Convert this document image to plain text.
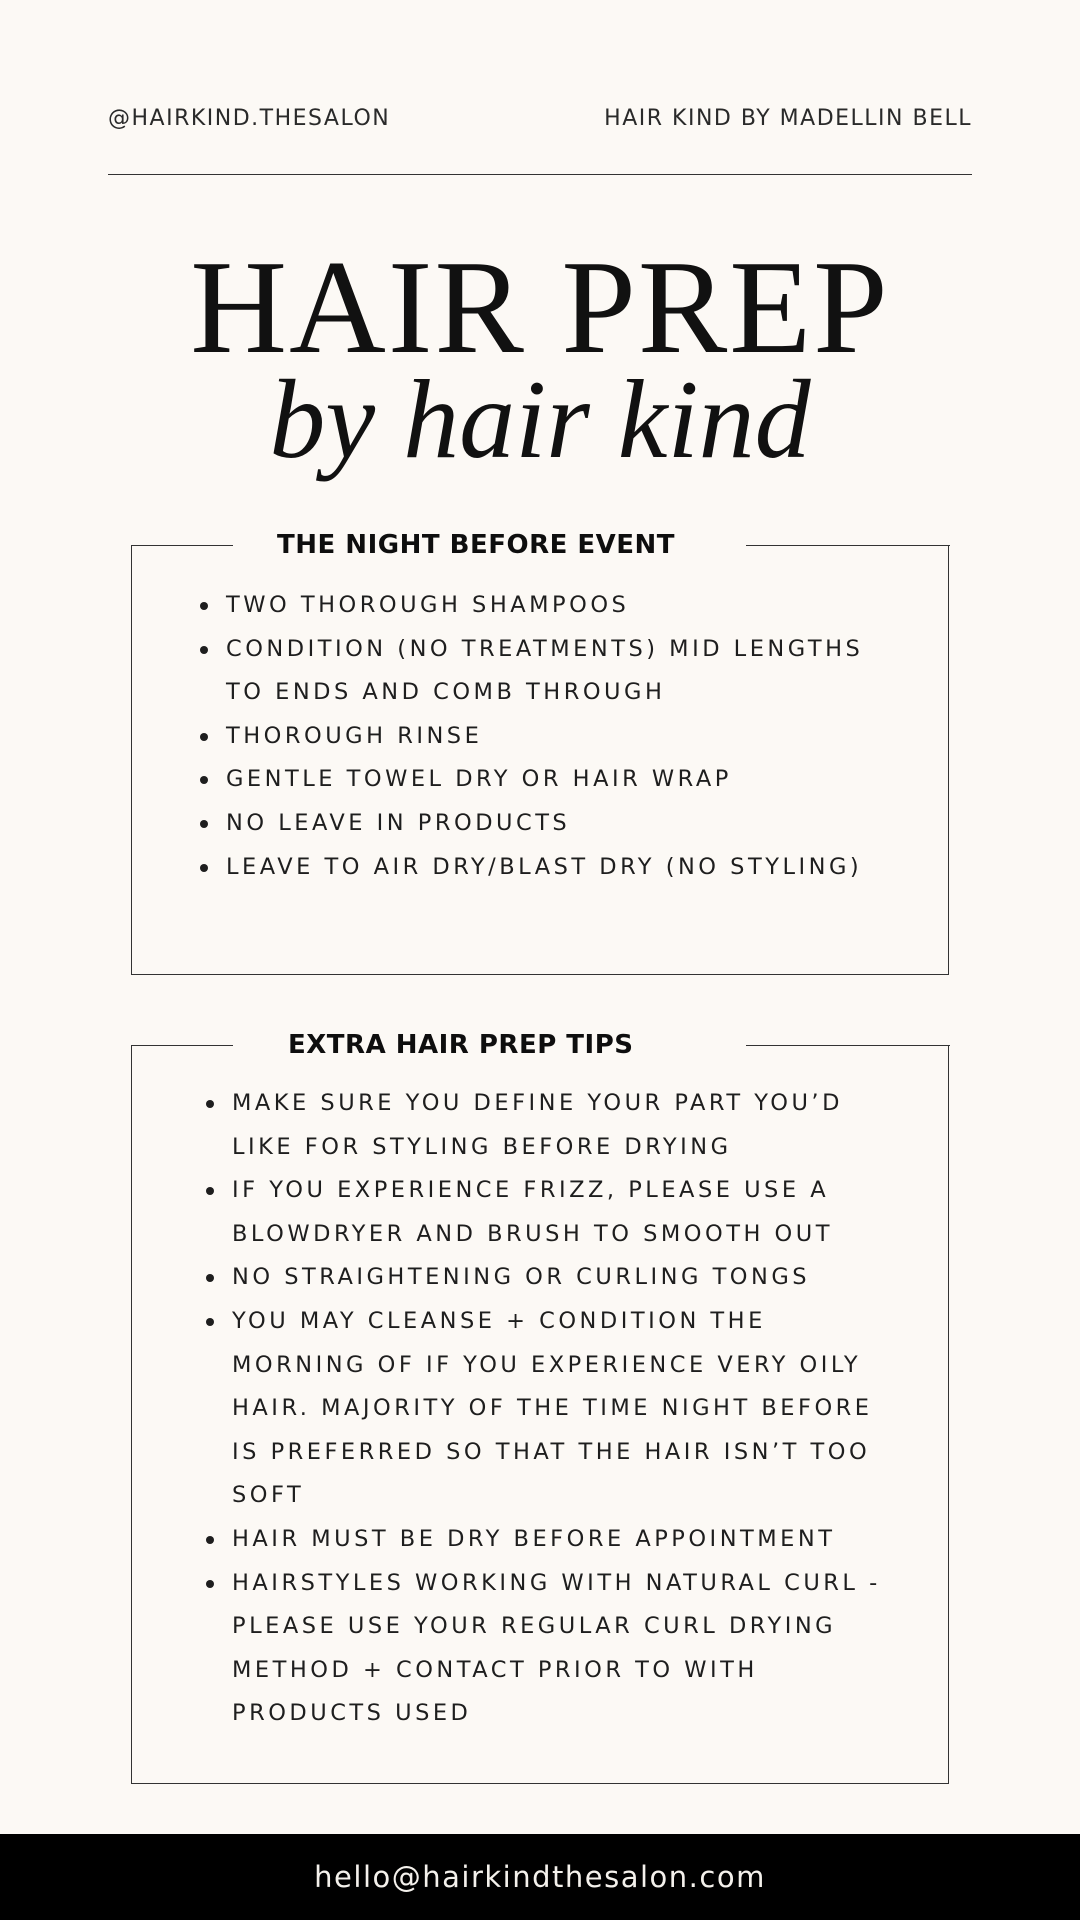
@HAIRKIND.THESALON	HAIR KIND BY MADELLIN BELL
HAIR PREP
by hair kind
THE NIGHT BEFORE EVENT
TWO THOROUGH SHAMPOOS
CONDITION (NO TREATMENTS) MID LENGTHS TO ENDS AND COMB THROUGH
THOROUGH RINSE
GENTLE TOWEL DRY OR HAIR WRAP
NO LEAVE IN PRODUCTS
LEAVE TO AIR DRY/BLAST DRY (NO STYLING)
EXTRA HAIR PREP TIPS
MAKE SURE YOU DEFINE YOUR PART YOU’D LIKE FOR STYLING BEFORE DRYING
IF YOU EXPERIENCE FRIZZ, PLEASE USE A BLOWDRYER AND BRUSH TO SMOOTH OUT
NO STRAIGHTENING OR CURLING TONGS
YOU MAY CLEANSE + CONDITION THE MORNING OF IF YOU EXPERIENCE VERY OILY HAIR. MAJORITY OF THE TIME NIGHT BEFORE IS PREFERRED SO THAT THE HAIR ISN’T TOO SOFT
HAIR MUST BE DRY BEFORE APPOINTMENT
HAIRSTYLES WORKING WITH NATURAL CURL - PLEASE USE YOUR REGULAR CURL DRYING METHOD + CONTACT PRIOR TO WITH PRODUCTS USED
hello@hairkindthesalon.com
